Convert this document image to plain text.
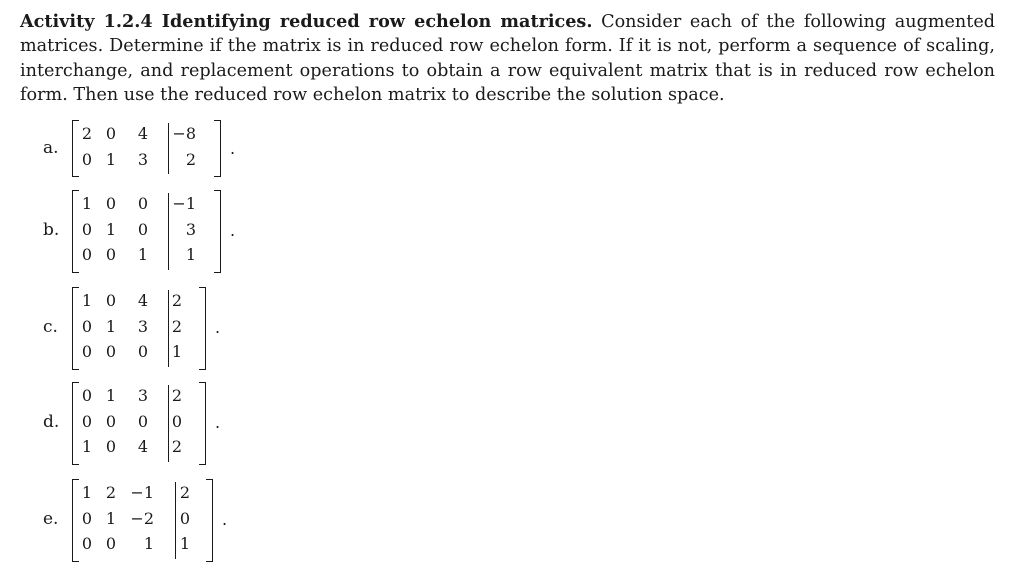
Activity 1.2.4 Identifying reduced row echelon matrices. Consider each of the following augmented matrices. Determine if the matrix is in reduced row echelon form. If it is not, perform a sequence of scaling, interchange, and replacement operations to obtain a row equivalent matrix that is in reduced row echelon form. Then use the reduced row echelon matrix to describe the solution space.
a.
2 0	4 −8
0 1	3	2
.
b.
1 0	0 −1
0 1	0	3
0 0	1	1
.
c.
1 0	4	2
0 1	3	2
0 0	0	1
.
d.
0 1	3	2
0 0	0	0
1 0	4	2
.
e.
1 2 −1	2
0 1 −2	0
0 0	1	1
.
